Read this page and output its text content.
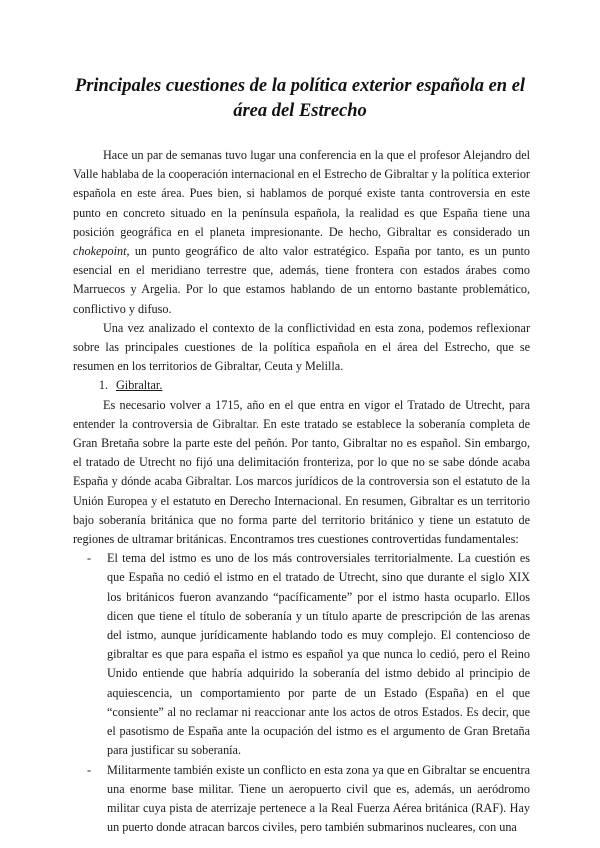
Principales cuestiones de la política exterior española en el área del Estrecho

Hace un par de semanas tuvo lugar una conferencia en la que el profesor Alejandro del Valle hablaba de la cooperación internacional en el Estrecho de Gibraltar y la política exterior española en este área. Pues bien, si hablamos de porqué existe tanta controversia en este punto en concreto situado en la península española, la realidad es que España tiene una posición geográfica en el planeta impresionante. De hecho, Gibraltar es considerado un chokepoint, un punto geográfico de alto valor estratégico. España por tanto, es un punto esencial en el meridiano terrestre que, además, tiene frontera con estados árabes como Marruecos y Argelia. Por lo que estamos hablando de un entorno bastante problemático, conflictivo y difuso.

Una vez analizado el contexto de la conflictividad en esta zona, podemos reflexionar sobre las principales cuestiones de la política española en el área del Estrecho, que se resumen en los territorios de Gibraltar, Ceuta y Melilla.

1. Gibraltar.

Es necesario volver a 1715, año en el que entra en vigor el Tratado de Utrecht, para entender la controversia de Gibraltar. En este tratado se establece la soberanía completa de Gran Bretaña sobre la parte este del peñón. Por tanto, Gibraltar no es español. Sin embargo, el tratado de Utrecht no fijó una delimitación fronteriza, por lo que no se sabe dónde acaba España y dónde acaba Gibraltar. Los marcos jurídicos de la controversia son el estatuto de la Unión Europea y el estatuto en Derecho Internacional. En resumen, Gibraltar es un territorio bajo soberanía británica que no forma parte del territorio británico y tiene un estatuto de regiones de ultramar británicas. Encontramos tres cuestiones controvertidas fundamentales:

-	El tema del istmo es uno de los más controversiales territorialmente. La cuestión es que España no cedió el istmo en el tratado de Utrecht, sino que durante el siglo XIX los británicos fueron avanzando “pacíficamente” por el istmo hasta ocuparlo. Ellos dicen que tiene el título de soberanía y un título aparte de prescripción de las arenas del istmo, aunque jurídicamente hablando todo es muy complejo. El contencioso de gibraltar es que para españa el istmo es español ya que nunca lo cedió, pero el Reino Unido entiende que habría adquirido la soberanía del istmo debido al principio de aquiescencia, un comportamiento por parte de un Estado (España) en el que “consiente” al no reclamar ni reaccionar ante los actos de otros Estados. Es decir, que el pasotismo de España ante la ocupación del istmo es el argumento de Gran Bretaña para justificar su soberanía.
-	Militarmente también existe un conflicto en esta zona ya que en Gibraltar se encuentra una enorme base militar. Tiene un aeropuerto civil que es, además, un aeródromo militar cuya pista de aterrizaje pertenece a la Real Fuerza Aérea británica (RAF). Hay un puerto donde atracan barcos civiles, pero también submarinos nucleares, con una
